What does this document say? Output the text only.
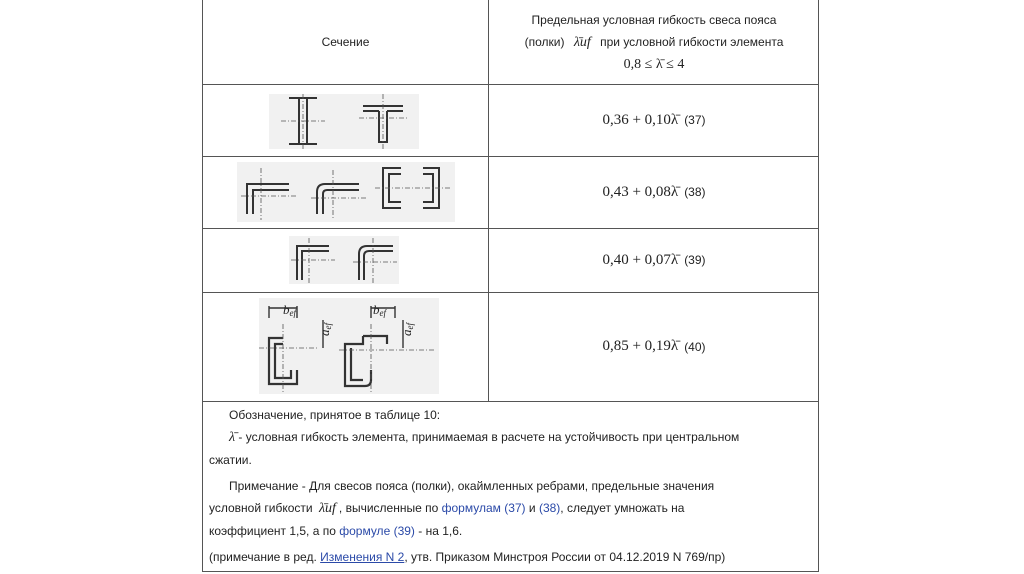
Сечение
Предельная условная гибкость свеса пояса
(полки) λ̄uf при условной гибкости элемента
0,8 ≤ λ̄ ≤ 4
bef	bef
aef
aef
0,36 + 0,10λ̄ (37)
0,43 + 0,08λ̄ (38)
0,40 + 0,07λ̄ (39)
0,85 + 0,19λ̄ (40)

Обозначение, принятое в таблице 10:

λ̄ - условная гибкость элемента, принимаемая в расчете на устойчивость при центральном

сжатии.

Примечание - Для свесов пояса (полки), окаймленных ребрами, предельные значения

условной гибкости λ̄uf , вычисленные по формулам (37) и (38), следует умножать на

коэффициент 1,5, а по формуле (39) - на 1,6.

(примечание в ред. Изменения N 2, утв. Приказом Минстроя России от 04.12.2019 N 769/пр)
